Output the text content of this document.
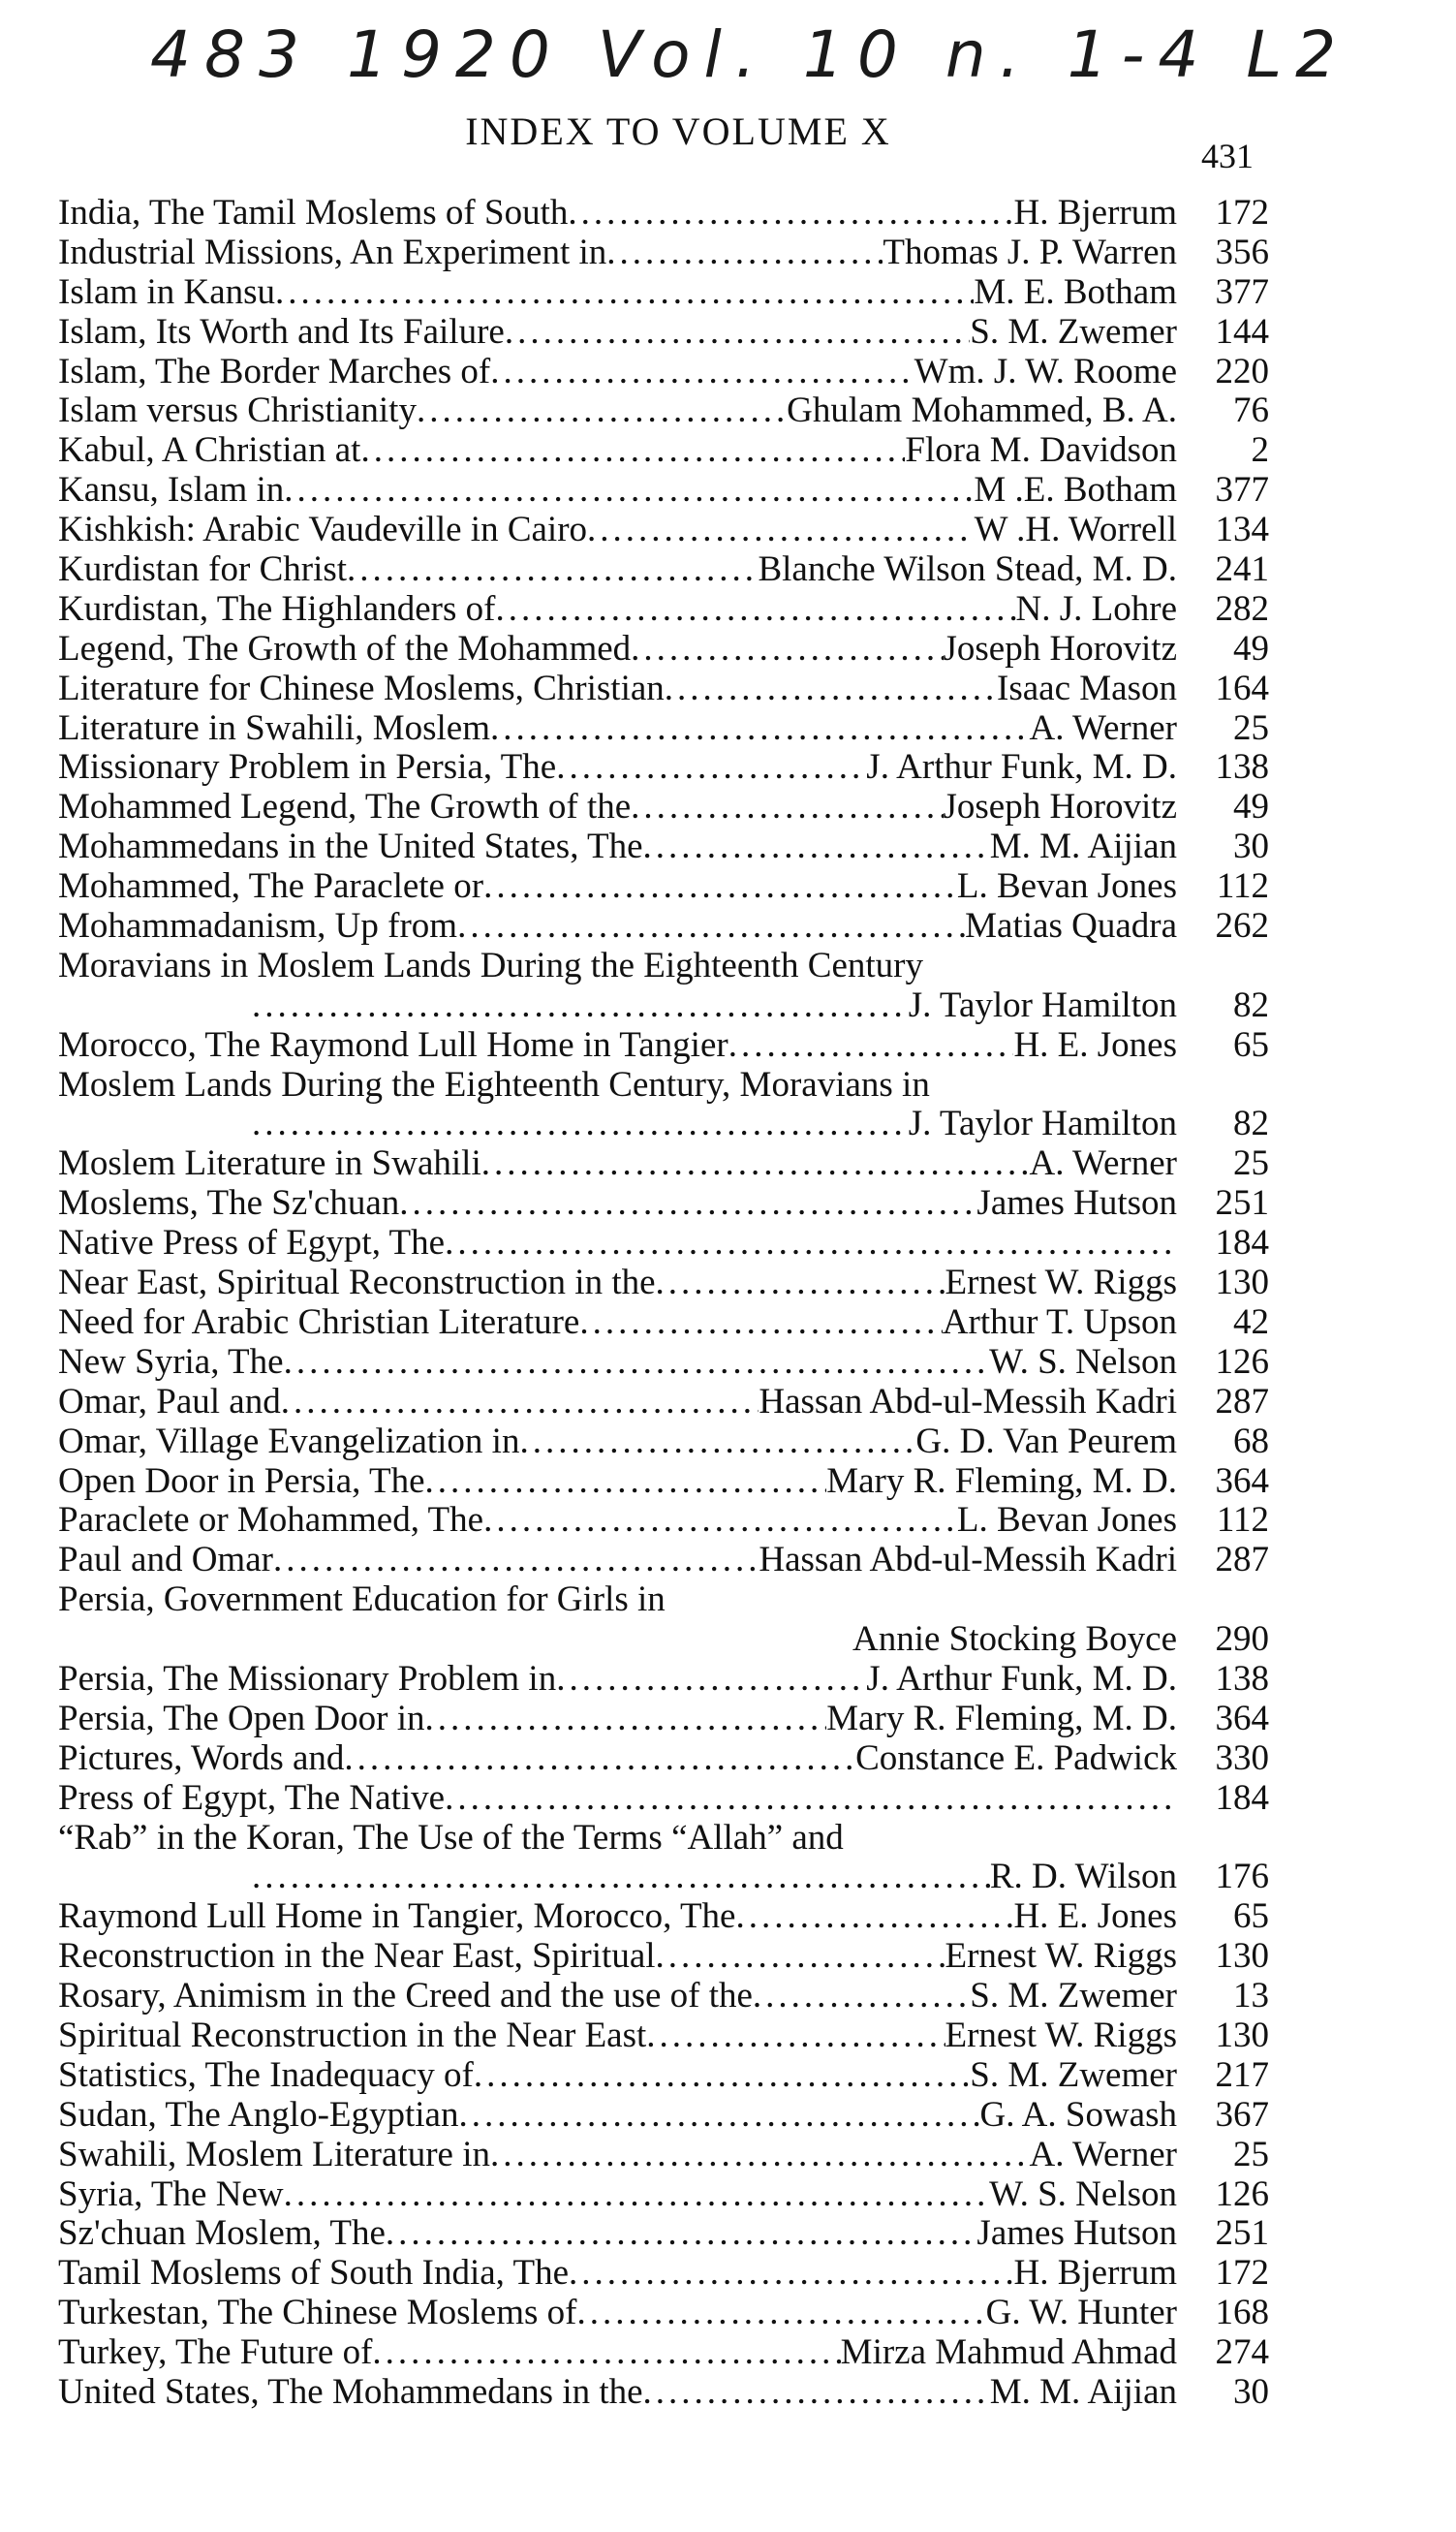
483 1920 Vol. 10 n. 1-4 L2
INDEX TO VOLUME X
431
India, The Tamil Moslems of South .....	H. Bjerrum	172
Industrial Missions, An Experiment in .....	Thomas J. P. Warren	356
Islam in Kansu .....	M. E. Botham	377
Islam, Its Worth and Its Failure .....	S. M. Zwemer	144
Islam, The Border Marches of .....	Wm. J. W. Roome	220
Islam versus Christianity .....	Ghulam Mohammed, B. A.	76
Kabul, A Christian at .....	Flora M. Davidson	2
Kansu, Islam in .....	M .E. Botham	377
Kishkish: Arabic Vaudeville in Cairo .....	W .H. Worrell	134
Kurdistan for Christ .....	Blanche Wilson Stead, M. D.	241
Kurdistan, The Highlanders of .....	N. J. Lohre	282
Legend, The Growth of the Mohammed .....	Joseph Horovitz	49
Literature for Chinese Moslems, Christian .....	Isaac Mason	164
Literature in Swahili, Moslem .....	A. Werner	25
Missionary Problem in Persia, The .....	J. Arthur Funk, M. D.	138
Mohammed Legend, The Growth of the .....	Joseph Horovitz	49
Mohammedans in the United States, The .....	M. M. Aijian	30
Mohammed, The Paraclete or .....	L. Bevan Jones	112
Mohammadanism, Up from .....	Matias Quadra	262
Moravians in Moslem Lands During the Eighteenth Century
.....
J. Taylor Hamilton	82
Morocco, The Raymond Lull Home in Tangier .....	H. E. Jones	65
Moslem Lands During the Eighteenth Century, Moravians in
.....
J. Taylor Hamilton	82
Moslem Literature in Swahili .....	A. Werner	25
Moslems, The Sz'chuan .....	James Hutson	251
Native Press of Egypt, The .....	184
Near East, Spiritual Reconstruction in the .....	Ernest W. Riggs	130
Need for Arabic Christian Literature .....	Arthur T. Upson	42
New Syria, The .....	W. S. Nelson	126
Omar, Paul and .....	Hassan Abd-ul-Messih Kadri	287
Omar, Village Evangelization in .....	G. D. Van Peurem	68
Open Door in Persia, The .....	Mary R. Fleming, M. D.	364
Paraclete or Mohammed, The .....	L. Bevan Jones	112
Paul and Omar .....	Hassan Abd-ul-Messih Kadri	287
Persia, Government Education for Girls in
Annie Stocking Boyce	290
Persia, The Missionary Problem in .....	J. Arthur Funk, M. D.	138
Persia, The Open Door in .....	Mary R. Fleming, M. D.	364
Pictures, Words and .....	Constance E. Padwick	330
Press of Egypt, The Native .....	184
“Rab” in the Koran, The Use of the Terms “Allah” and
.....
R. D. Wilson	176
Raymond Lull Home in Tangier, Morocco, The .....	H. E. Jones	65
Reconstruction in the Near East, Spiritual .....	Ernest W. Riggs	130
Rosary, Animism in the Creed and the use of the .....	S. M. Zwemer	13
Spiritual Reconstruction in the Near East .....	Ernest W. Riggs	130
Statistics, The Inadequacy of .....	S. M. Zwemer	217
Sudan, The Anglo-Egyptian .....	G. A. Sowash	367
Swahili, Moslem Literature in .....	A. Werner	25
Syria, The New .....	W. S. Nelson	126
Sz'chuan Moslem, The .....	James Hutson	251
Tamil Moslems of South India, The .....	H. Bjerrum	172
Turkestan, The Chinese Moslems of .....	G. W. Hunter	168
Turkey, The Future of .....	Mirza Mahmud Ahmad	274
United States, The Mohammedans in the .....	M. M. Aijian	30
